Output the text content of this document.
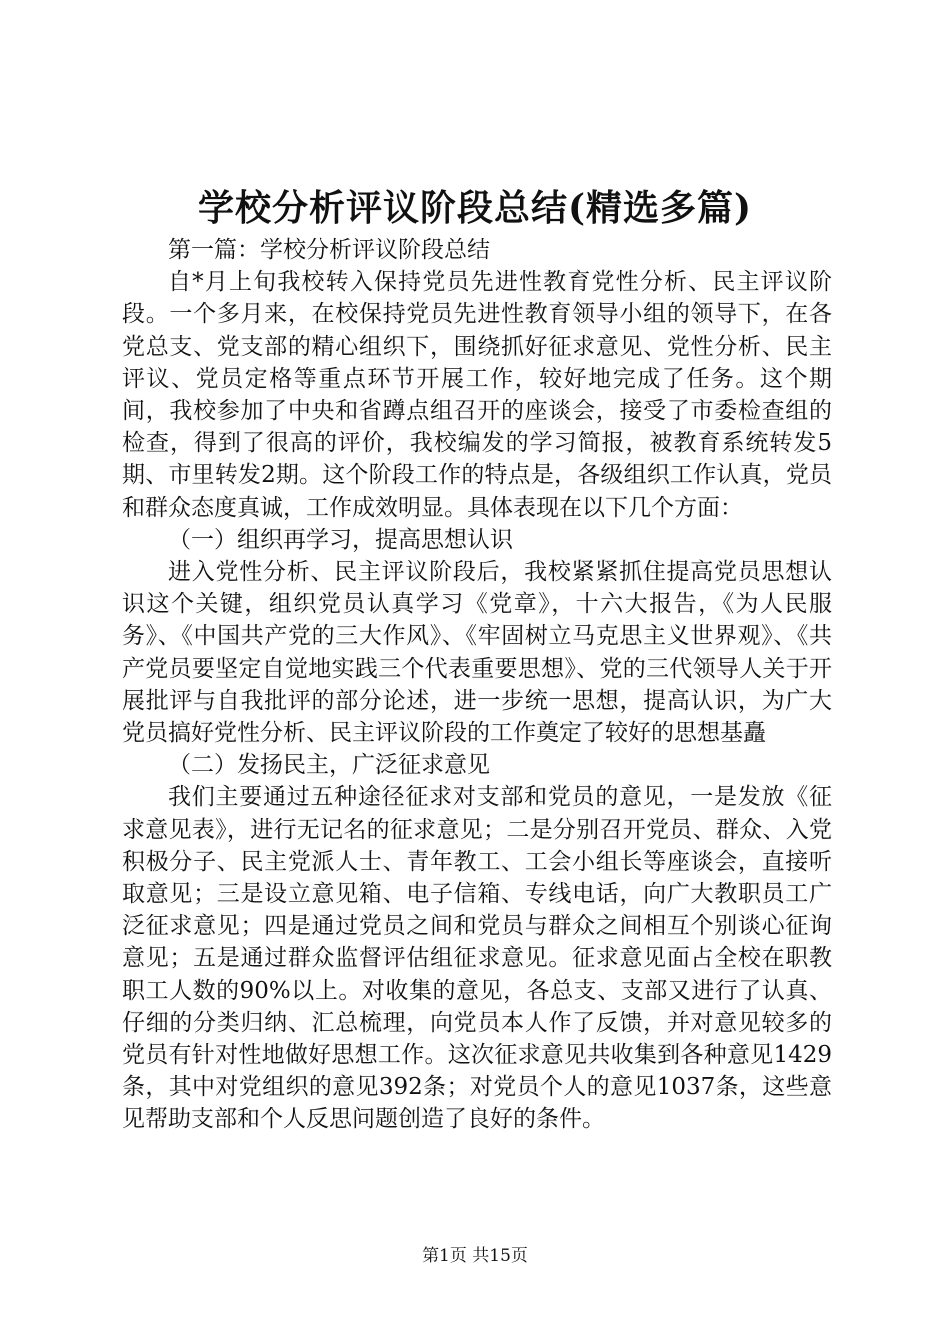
学校分析评议阶段总结(精选多篇)

第一篇：学校分析评议阶段总结

自*月上旬我校转入保持党员先进性教育党性分析、民主评议阶段。一个多月来，在校保持党员先进性教育领导小组的领导下，在各党总支、党支部的精心组织下，围绕抓好征求意见、党性分析、民主评议、党员定格等重点环节开展工作，较好地完成了任务。这个期间，我校参加了中央和省蹲点组召开的座谈会，接受了市委检查组的检查，得到了很高的评价，我校编发的学习简报，被教育系统转发5期、市里转发2期。这个阶段工作的特点是，各级组织工作认真，党员和群众态度真诚，工作成效明显。具体表现在以下几个方面：

（一）组织再学习，提高思想认识

进入党性分析、民主评议阶段后，我校紧紧抓住提高党员思想认识这个关键，组织党员认真学习《党章》，十六大报告，《为人民服务》、《中国共产党的三大作风》、《牢固树立马克思主义世界观》、《共产党员要坚定自觉地实践三个代表重要思想》、党的三代领导人关于开展批评与自我批评的部分论述，进一步统一思想，提高认识，为广大党员搞好党性分析、民主评议阶段的工作奠定了较好的思想基矗

（二）发扬民主，广泛征求意见

我们主要通过五种途径征求对支部和党员的意见，一是发放《征求意见表》，进行无记名的征求意见；二是分别召开党员、群众、入党积极分子、民主党派人士、青年教工、工会小组长等座谈会，直接听取意见；三是设立意见箱、电子信箱、专线电话，向广大教职员工广泛征求意见；四是通过党员之间和党员与群众之间相互个别谈心征询意见；五是通过群众监督评估组征求意见。征求意见面占全校在职教职工人数的90%以上。对收集的意见，各总支、支部又进行了认真、仔细的分类归纳、汇总梳理，向党员本人作了反馈，并对意见较多的党员有针对性地做好思想工作。这次征求意见共收集到各种意见1429条，其中对党组织的意见392条；对党员个人的意见1037条，这些意见帮助支部和个人反思问题创造了良好的条件。

第1页 共15页
